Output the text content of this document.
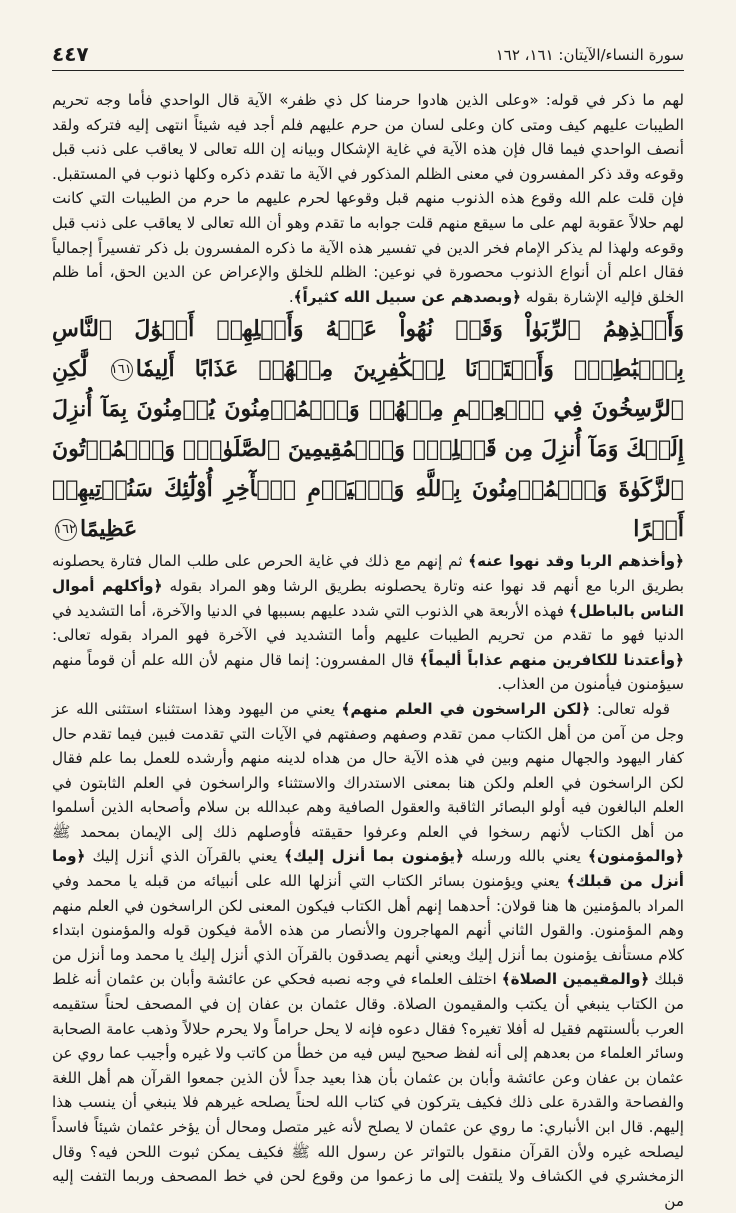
سورة النساء/الآيتان: ١٦١، ١٦٢
٤٤٧

لهم ما ذكر في قوله: «وعلى الذين هادوا حرمنا كل ذي ظفر» الآية قال الواحدي فأما وجه تحريم الطيبات عليهم كيف ومتى كان وعلى لسان من حرم عليهم فلم أجد فيه شيئاً انتهى إليه فتركه ولقد أنصف الواحدي فيما قال فإن هذه الآية في غاية الإشكال وبيانه إن الله تعالى لا يعاقب على ذنب قبل وقوعه وقد ذكر المفسرون في معنى الظلم المذكور في الآية ما تقدم ذكره وكلها ذنوب في المستقبل. فإن قلت علم الله وقوع هذه الذنوب منهم قبل وقوعها لحرم عليهم ما حرم من الطيبات التي كانت لهم حلالاً عقوبة لهم على ما سيقع منهم قلت جوابه ما تقدم وهو أن الله تعالى لا يعاقب على ذنب قبل وقوعه ولهذا لم يذكر الإمام فخر الدين في تفسير هذه الآية ما ذكره المفسرون بل ذكر تفسيراً إجمالياً فقال اعلم أن أنواع الذنوب محصورة في نوعين: الظلم للخلق والإعراض عن الدين الحق، أما ظلم الخلق فإليه الإشارة بقوله ﴿وبصدهم عن سبيل الله كثيراً﴾.

وَأَخۡذِهِمُ ٱلرِّبَوٰاْ وَقَدۡ نُهُواْ عَنۡهُ وَأَكۡلِهِمۡ أَمۡوَٰلَ ٱلنَّاسِ بِٱلۡبَٰطِلِۚ وَأَعۡتَدۡنَا لِلۡكَٰفِرِينَ مِنۡهُمۡ عَذَابًا أَلِيمٗا١٦١ لَّٰكِنِ ٱلرَّٰسِخُونَ فِي ٱلۡعِلۡمِ مِنۡهُمۡ وَٱلۡمُؤۡمِنُونَ يُؤۡمِنُونَ بِمَآ أُنزِلَ إِلَيۡكَ وَمَآ أُنزِلَ مِن قَبۡلِكَۚ وَٱلۡمُقِيمِينَ ٱلصَّلَوٰةَۚ وَٱلۡمُؤۡتُونَ ٱلزَّكَوٰةَ وَٱلۡمُؤۡمِنُونَ بِٱللَّهِ وَٱلۡيَوۡمِ ٱلۡأٓخِرِ أُوْلَٰٓئِكَ سَنُؤۡتِيهِمۡ أَجۡرًا عَظِيمًا١٦٢

﴿وأخذهم الربا وقد نهوا عنه﴾ ثم إنهم مع ذلك في غاية الحرص على طلب المال فتارة يحصلونه بطريق الربا مع أنهم قد نهوا عنه وتارة يحصلونه بطريق الرشا وهو المراد بقوله ﴿وأكلهم أموال الناس بالباطل﴾ فهذه الأربعة هي الذنوب التي شدد عليهم بسببها في الدنيا والآخرة، أما التشديد في الدنيا فهو ما تقدم من تحريم الطيبات عليهم وأما التشديد في الآخرة فهو المراد بقوله تعالى: ﴿وأعتدنا للكافرين منهم عذاباً أليماً﴾ قال المفسرون: إنما قال منهم لأن الله علم أن قوماً منهم سيؤمنون فيأمنون من العذاب.

قوله تعالى: ﴿لكن الراسخون في العلم منهم﴾ يعني من اليهود وهذا استثناء استثنى الله عز وجل من آمن من أهل الكتاب ممن تقدم وصفهم وصفتهم في الآيات التي تقدمت فبين فيما تقدم حال كفار اليهود والجهال منهم وبين في هذه الآية حال من هداه لدينه منهم وأرشده للعمل بما علم فقال لكن الراسخون في العلم ولكن هنا بمعنى الاستدراك والاستثناء والراسخون في العلم الثابتون في العلم البالغون فيه أولو البصائر الثاقبة والعقول الصافية وهم عبدالله بن سلام وأصحابه الذين أسلموا من أهل الكتاب لأنهم رسخوا في العلم وعرفوا حقيقته فأوصلهم ذلك إلى الإيمان بمحمد ﷺ ﴿والمؤمنون﴾ يعني بالله ورسله ﴿يؤمنون بما أنزل إليك﴾ يعني بالقرآن الذي أنزل إليك ﴿وما أنزل من قبلك﴾ يعني ويؤمنون بسائر الكتاب التي أنزلها الله على أنبيائه من قبله يا محمد وفي المراد بالمؤمنين ها هنا قولان: أحدهما إنهم أهل الكتاب فيكون المعنى لكن الراسخون في العلم منهم وهم المؤمنون. والقول الثاني أنهم المهاجرون والأنصار من هذه الأمة فيكون قوله والمؤمنون ابتداء كلام مستأنف يؤمنون بما أنزل إليك ويعني أنهم يصدقون بالقرآن الذي أنزل إليك يا محمد وما أنزل من قبلك ﴿والمقيمين الصلاة﴾ اختلف العلماء في وجه نصبه فحكي عن عائشة وأبان بن عثمان أنه غلط من الكتاب ينبغي أن يكتب والمقيمون الصلاة. وقال عثمان بن عفان إن في المصحف لحناً ستقيمه العرب بألسنتهم فقيل له أفلا تغيره؟ فقال دعوه فإنه لا يحل حراماً ولا يحرم حلالاً وذهب عامة الصحابة وسائر العلماء من بعدهم إلى أنه لفظ صحيح ليس فيه من خطأ من كاتب ولا غيره وأجيب عما روي عن عثمان بن عفان وعن عائشة وأبان بن عثمان بأن هذا بعيد جداً لأن الذين جمعوا القرآن هم أهل اللغة والفصاحة والقدرة على ذلك فكيف يتركون في كتاب الله لحناً يصلحه غيرهم فلا ينبغي أن ينسب هذا إليهم. قال ابن الأنباري: ما روي عن عثمان لا يصلح لأنه غير متصل ومحال أن يؤخر عثمان شيئاً فاسداً ليصلحه غيره ولأن القرآن منقول بالتواتر عن رسول الله ﷺ فكيف يمكن ثبوت اللحن فيه؟ وقال الزمخشري في الكشاف ولا يلتفت إلى ما زعموا من وقوع لحن في خط المصحف وربما التفت إليه من
